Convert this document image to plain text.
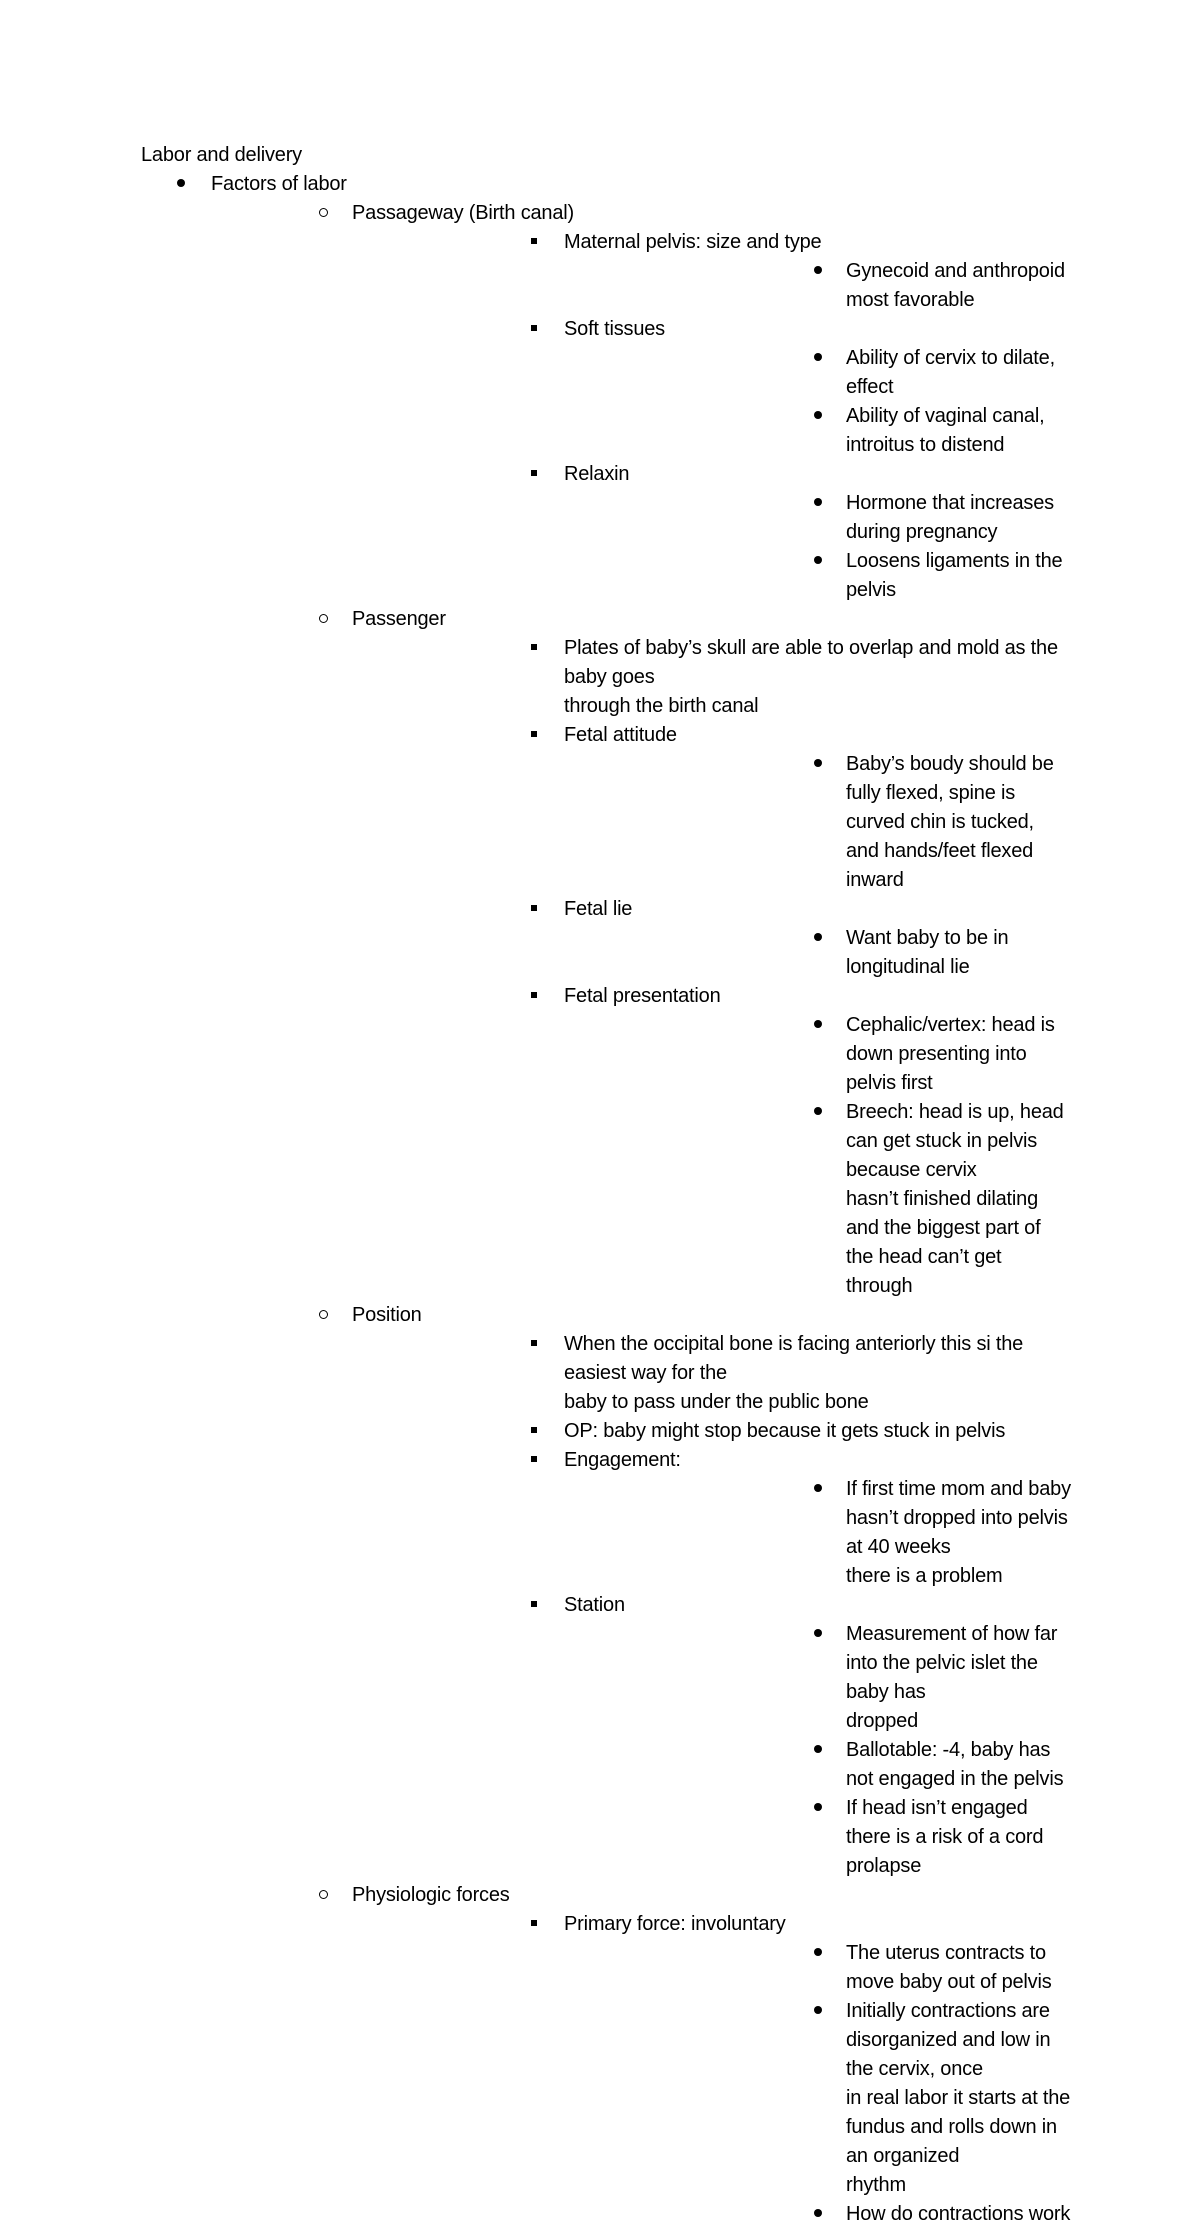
Labor and delivery
Factors of labor
Passageway (Birth canal)
Maternal pelvis: size and type
Gynecoid and anthropoid most favorable
Soft tissues
Ability of cervix to dilate, effect
Ability of vaginal canal, introitus to distend
Relaxin
Hormone that increases during pregnancy
Loosens ligaments in the pelvis
Passenger
Plates of baby’s skull are able to overlap and mold as the baby goes
through the birth canal
Fetal attitude
Baby’s boudy should be fully flexed, spine is curved chin is tucked,
and hands/feet flexed inward
Fetal lie
Want baby to be in longitudinal lie
Fetal presentation
Cephalic/vertex: head is down presenting into pelvis first
Breech: head is up, head can get stuck in pelvis because cervix
hasn’t finished dilating and the biggest part of the head can’t get
through
Position
When the occipital bone is facing anteriorly this si the easiest way for the
baby to pass under the public bone
OP: baby might stop because it gets stuck in pelvis
Engagement:
If first time mom and baby hasn’t dropped into pelvis at 40 weeks
there is a problem
Station
Measurement of how far into the pelvic islet the baby has
dropped
Ballotable: -4, baby has not engaged in the pelvis
If head isn’t engaged there is a risk of a cord prolapse
Physiologic forces
Primary force: involuntary
The uterus contracts to move baby out of pelvis
Initially contractions are disorganized and low in the cervix, once
in real labor it starts at the fundus and rolls down in an organized
rhythm
How do contractions work
